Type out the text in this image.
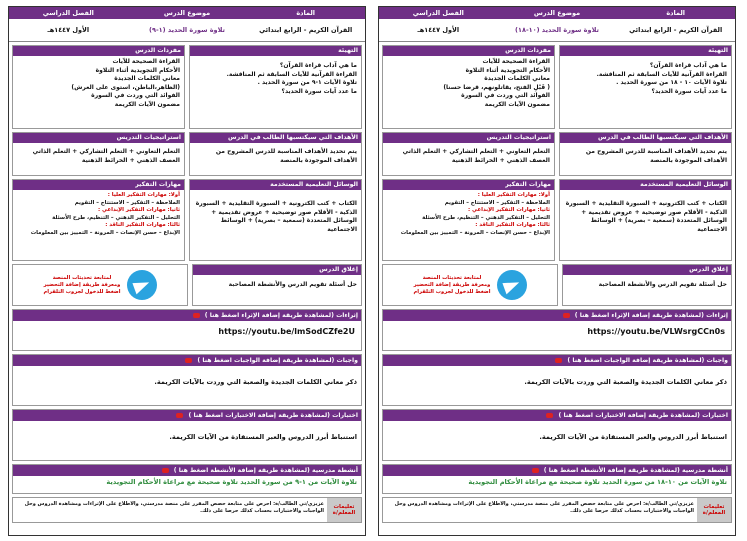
المادة
موضوع الدرس
الفصل الدراسي
القرآن الكريم - الرابع ابتدائي
تلاوة سورة الحديد (١٠-١٨)
الأول ١٤٤٧هـ
التهيئة
ما هي آداب قراءة القرآن؟
القراءة القرآنية للآيات السابقة ثم المناقشة.
تلاوة الآيات ١٠ - ١٨ من سورة الحديد .
ما عدد آيات سورة الحديد؟
مفردات الدرس
القراءة الصحيحة للآيات
الأحكام التجويدية أثناء التلاوة
معاني الكلمات الجديدة
( قَبْلِ الفتح، يقاتلونهم، قرضا حسنا)
الفوائد التي وردت في السورة
مضمون الآيات الكريمة
الأهداف التي سيكتسبها الطالب في الدرس
يتم تحديد الأهداف المناسبة للدرس المشروح من الأهداف الموجودة بالمنصة
استراتيجيات التدريس
التعلم التعاوني + التعلم التشاركي + التعلم الذاتي العصف الذهني + الخرائط الذهنية
الوسائل التعليمية المستخدمة
الكتاب + كتب الكترونية + السبورة التقليدية + السبورة الذكية - الأقلام صور توضيحية + عروض تقديمية + الوسائل المتعددة (سمعية – بصرية) + الوسائط الاجتماعية
مهارات التفكير
أولا: مهارات التفكير العليا :
الملاحظة – التفكير – الاستنتاج – التقويم
ثانيا: مهارات التفكير الإبداعي :
التحليل – التفكير الذهني – التنظيم، طرح الأسئلة
ثالثا: مهارات التفكير الناقد :
الإبداع – حسن الإنصات – المرونة – التمييز بين المعلومات
إغلاق الدرس
حل أسئلة تقويم الدرس والأنشطة المصاحبة
لمتابعة تحديثات المنصة
ومعرفة طريقة إضافة التحضير
اضغط للدخول لجروب التلقرام
إثراءات (لمشاهدة طريقة إضافة الإثراء اضغط هنا )
https://youtu.be/VLWsrgCCn0s
واجبات (لمشاهدة طريقة إضافة الواجبات اضغط هنا )
ذكر معاني الكلمات الجديدة والصعبة التي وردت بالآيات الكريمة.
اختبارات (لمشاهدة طريقة إضافة الاختبارات اضغط هنا )
استنباط أبرز الدروس والعبر المستفادة من الآيات الكريمة.
أنشطة مدرسية (لمشاهدة طريقة إضافة الأنشطة اضغط هنا )
تلاوة الآيات من ١٠-١٨ من سورة الحديد تلاوة صحيحة مع مراعاة الأحكام التجويدية
تعليمات المعلم/ة
عزيزي/تي الطالب/ة: احرص على متابعة حصص المقرر على منصة مدرستي، والاطلاع على الإثراءات ومشاهدة الدروس وحل الواجبات والاختبارات بحساب كذلك حرصا على ذلك.
المادة
موضوع الدرس
الفصل الدراسي
القرآن الكريم - الرابع ابتدائي
تلاوة سورة الحديد (١-٩)
الأول ١٤٤٧هـ
التهيئة
ما هي آداب قراءة القرآن؟
القراءة القرآنية للآيات السابقة ثم المناقشة.
تلاوة الآيات ١-٩ من سورة الحديد .
ما عدد آيات سورة الحديد؟
مفردات الدرس
القراءة الصحيحة للآيات
الأحكام التجويدية أثناء التلاوة
معاني الكلمات الجديدة
(الظاهر،الباطن، استوى على العرش)
الفوائد التي وردت في السورة
مضمون الآيات الكريمة
الأهداف التي سيكتسبها الطالب في الدرس
يتم تحديد الأهداف المناسبة للدرس المشروح من الأهداف الموجودة بالمنصة
استراتيجيات التدريس
التعلم التعاوني + التعلم التشاركي + التعلم الذاتي العصف الذهني + الخرائط الذهنية
الوسائل التعليمية المستخدمة
الكتاب + كتب الكترونية + السبورة التقليدية + السبورة الذكية - الأقلام صور توضيحية + عروض تقديمية + الوسائل المتعددة (سمعية – بصرية) + الوسائط الاجتماعية
مهارات التفكير
أولا: مهارات التفكير العليا :
الملاحظة – التفكير – الاستنتاج – التقويم
ثانيا: مهارات التفكير الإبداعي :
التحليل – التفكير الذهني – التنظيم، طرح الأسئلة
ثالثا: مهارات التفكير الناقد :
الإبداع – حسن الإنصات – المرونة – التمييز بين المعلومات
إغلاق الدرس
حل أسئلة تقويم الدرس والأنشطة المصاحبة
لمتابعة تحديثات المنصة
ومعرفة طريقة إضافة التحضير
اضغط للدخول لجروب التلقرام
إثراءات (لمشاهدة طريقة إضافة الإثراء اضغط هنا )
https://youtu.be/lmSodCZfe2U
واجبات (لمشاهدة طريقة إضافة الواجبات اضغط هنا )
ذكر معاني الكلمات الجديدة والصعبة التي وردت بالآيات الكريمة.
اختبارات (لمشاهدة طريقة إضافة الاختبارات اضغط هنا )
استنباط أبرز الدروس والعبر المستفادة من الآيات الكريمة.
أنشطة مدرسية (لمشاهدة طريقة إضافة الأنشطة اضغط هنا )
تلاوة الآيات من ١-٩ من سورة الحديد تلاوة صحيحة مع مراعاة الأحكام التجويدية
تعليمات المعلم/ة
عزيزي/تي الطالب/ة: احرص على متابعة حصص المقرر على منصة مدرستي، والاطلاع على الإثراءات ومشاهدة الدروس وحل الواجبات والاختبارات بحساب كذلك حرصا على ذلك.
